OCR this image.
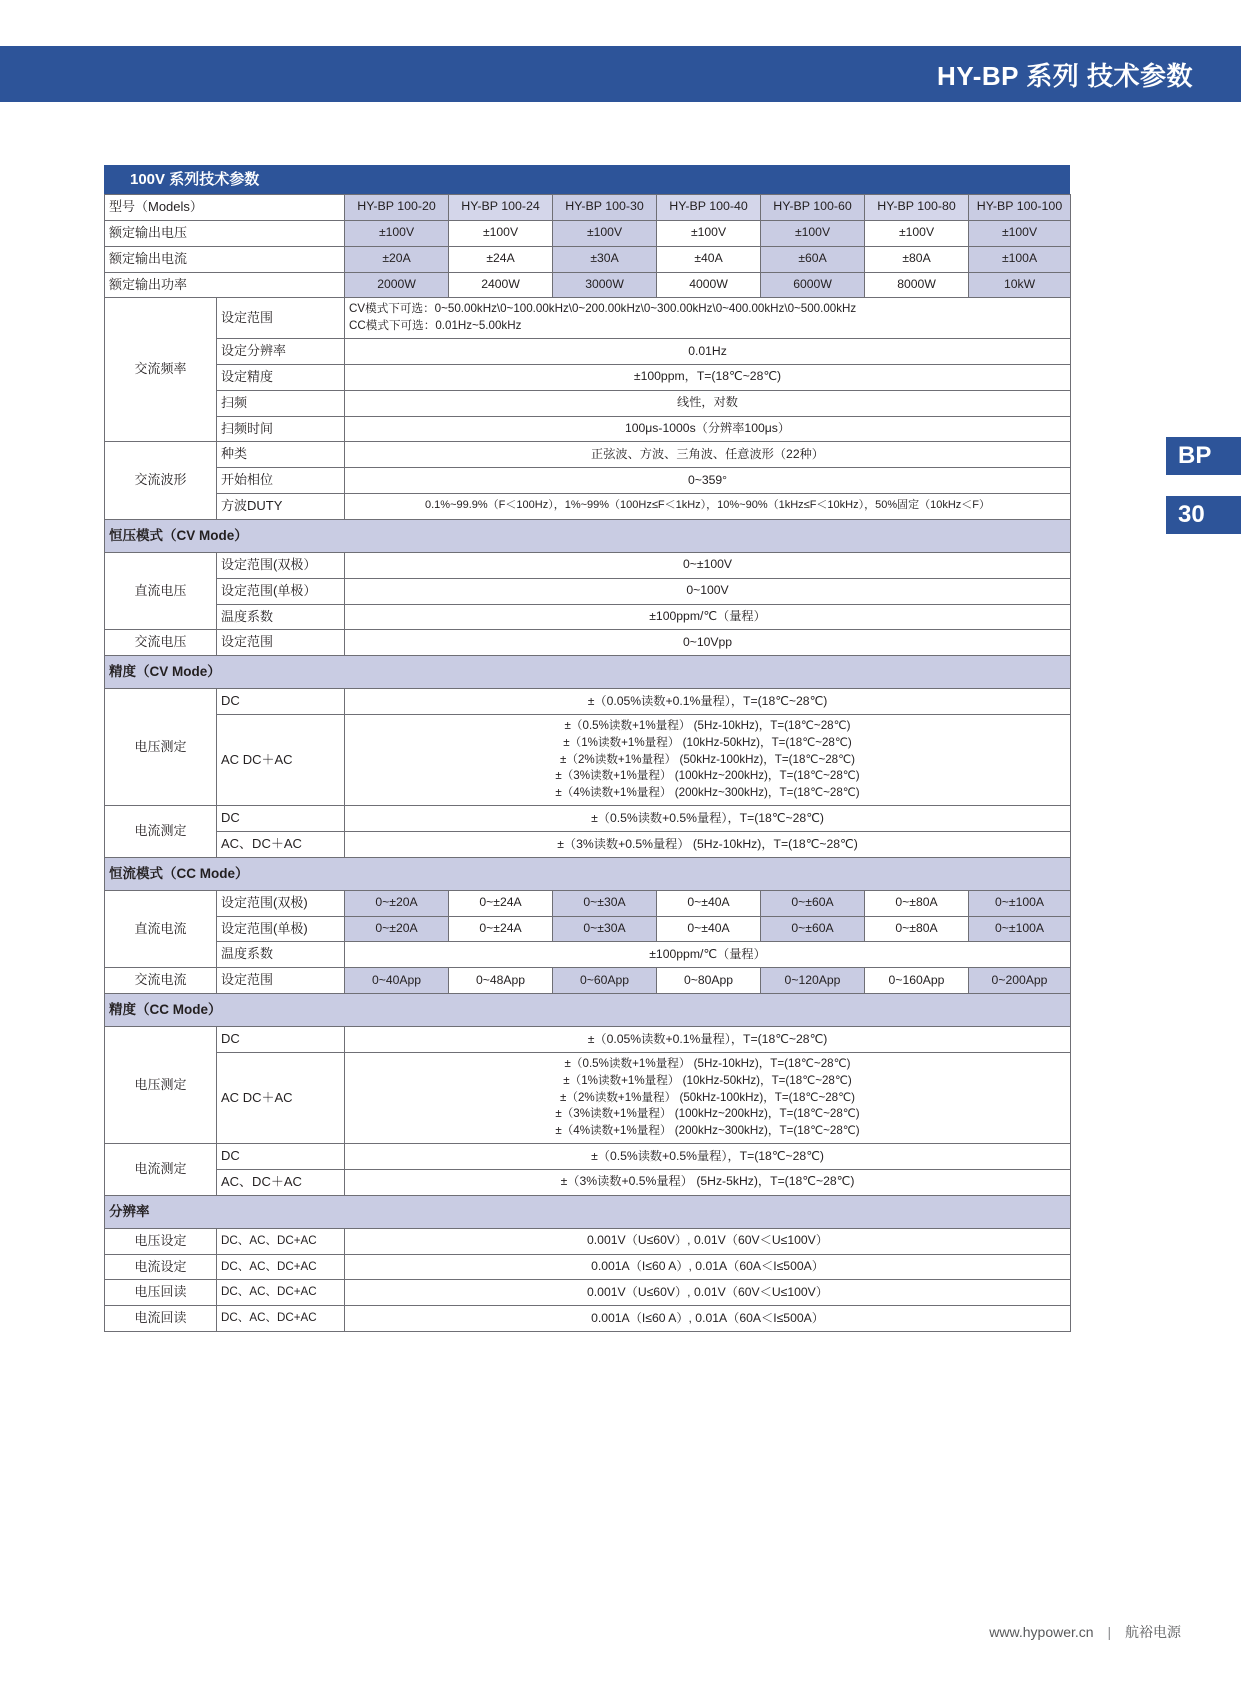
HY-BP 系列 技术参数
BP
30
100V 系列技术参数
型号（Models）		HY-BP 100-20	HY-BP 100-24	HY-BP 100-30	HY-BP 100-40	HY-BP 100-60	HY-BP 100-80	HY-BP 100-100
额定输出电压		±100V	±100V	±100V	±100V	±100V	±100V	±100V
额定输出电流		±20A	±24A	±30A	±40A	±60A	±80A	±100A
额定输出功率		2000W	2400W	3000W	4000W	6000W	8000W	10kW
交流频率	设定范围	CV模式下可选：0~50.00kHz\0~100.00kHz\0~200.00kHz\0~300.00kHz\0~400.00kHz\0~500.00kHz
CC模式下可选：0.01Hz~5.00kHz						

	设定分辨率	0.01Hz						
	设定精度	±100ppm，T=(18℃~28℃)						
	扫频	线性，对数						
	扫频时间	100μs-1000s（分辨率100μs）						
交流波形	种类	正弦波、方波、三角波、任意波形（22种）						
	开始相位	0~359°						
	方波DUTY	0.1%~99.9%（F＜100Hz），1%~99%（100Hz≤F＜1kHz），10%~90%（1kHz≤F＜10kHz），50%固定（10kHz＜F）						
恒压模式（CV Mode）								
直流电压	设定范围(双极）	0~±100V						
	设定范围(单极）	0~100V						
	温度系数	±100ppm/℃（量程）						
交流电压	设定范围	0~10Vpp						
精度（CV Mode）								
电压测定	DC	±（0.05%读数+0.1%量程），T=(18℃~28℃)						
	AC DC＋AC	±（0.5%读数+1%量程） (5Hz-10kHz)，T=(18℃~28℃)
±（1%读数+1%量程） (10kHz-50kHz)，T=(18℃~28℃)
±（2%读数+1%量程） (50kHz-100kHz)，T=(18℃~28℃)
±（3%读数+1%量程） (100kHz~200kHz)，T=(18℃~28℃)
±（4%读数+1%量程） (200kHz~300kHz)，T=(18℃~28℃)						

电流测定	DC	±（0.5%读数+0.5%量程），T=(18℃~28℃)						
	AC、DC＋AC	±（3%读数+0.5%量程） (5Hz-10kHz)，T=(18℃~28℃)						
恒流模式（CC Mode）								
直流电流	设定范围(双极)	0~±20A	0~±24A	0~±30A	0~±40A	0~±60A	0~±80A	0~±100A
	设定范围(单极)	0~±20A	0~±24A	0~±30A	0~±40A	0~±60A	0~±80A	0~±100A
	温度系数	±100ppm/℃（量程）						
交流电流	设定范围	0~40App	0~48App	0~60App	0~80App	0~120App	0~160App	0~200App
精度（CC Mode）								
电压测定	DC	±（0.05%读数+0.1%量程），T=(18℃~28℃)						
	AC DC＋AC	±（0.5%读数+1%量程） (5Hz-10kHz)，T=(18℃~28℃)
±（1%读数+1%量程） (10kHz-50kHz)，T=(18℃~28℃)
±（2%读数+1%量程） (50kHz-100kHz)，T=(18℃~28℃)
±（3%读数+1%量程） (100kHz~200kHz)，T=(18℃~28℃)
±（4%读数+1%量程） (200kHz~300kHz)，T=(18℃~28℃)						

电流测定	DC	±（0.5%读数+0.5%量程），T=(18℃~28℃)						
	AC、DC＋AC	±（3%读数+0.5%量程） (5Hz-5kHz)，T=(18℃~28℃)						
分辨率								
电压设定	DC、AC、DC+AC	0.001V（U≤60V）, 0.01V（60V＜U≤100V）						
电流设定	DC、AC、DC+AC	0.001A（I≤60 A）, 0.01A（60A＜I≤500A）						
电压回读	DC、AC、DC+AC	0.001V（U≤60V）, 0.01V（60V＜U≤100V）						
电流回读	DC、AC、DC+AC	0.001A（I≤60 A）, 0.01A（60A＜I≤500A）						
www.hypower.cn | 航裕电源
